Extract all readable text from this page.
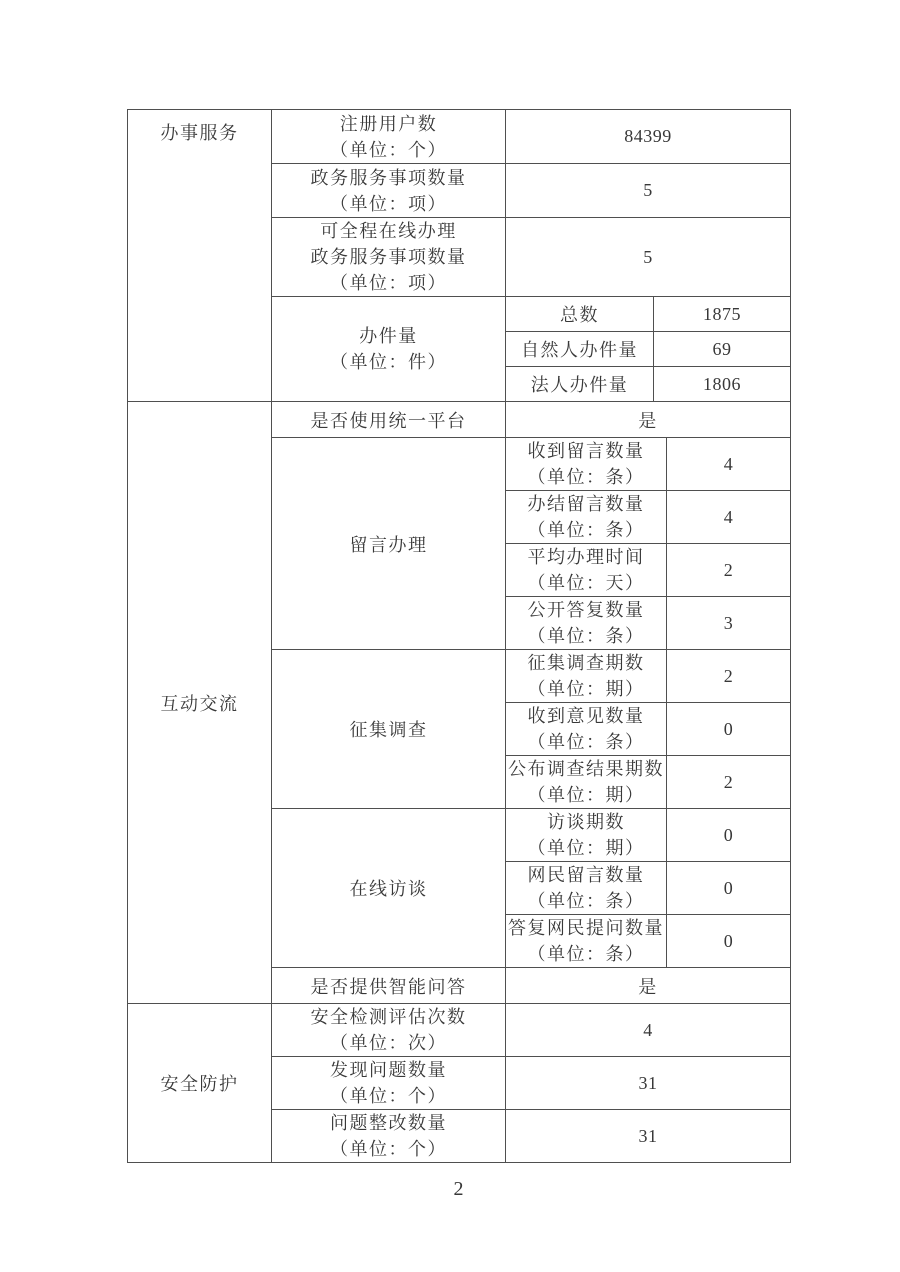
办事服务	注册用户数
（单位：个）	84399	

	政务服务事项数量
（单位：项）	5	

	可全程在线办理
政务服务事项数量
（单位：项）	5	

	办件量
（单位：件）	总数	1875
		自然人办件量	69
		法人办件量	1806
互动交流	是否使用统一平台	是	
	留言办理	收到留言数量
（单位：条）	4

		办结留言数量
（单位：条）	4

		平均办理时间
（单位：天）	2

		公开答复数量
（单位：条）	3
	征集调查	征集调查期数
（单位：期）	2

		收到意见数量
（单位：条）	0

		公布调查结果期数
（单位：期）	2
	在线访谈	访谈期数
（单位：期）	0

		网民留言数量
（单位：条）	0

		答复网民提问数量
（单位：条）	0
	是否提供智能问答	是	
安全防护	安全检测评估次数
（单位：次）	4

	发现问题数量
（单位：个）	31

	问题整改数量
（单位：个）	31
2
